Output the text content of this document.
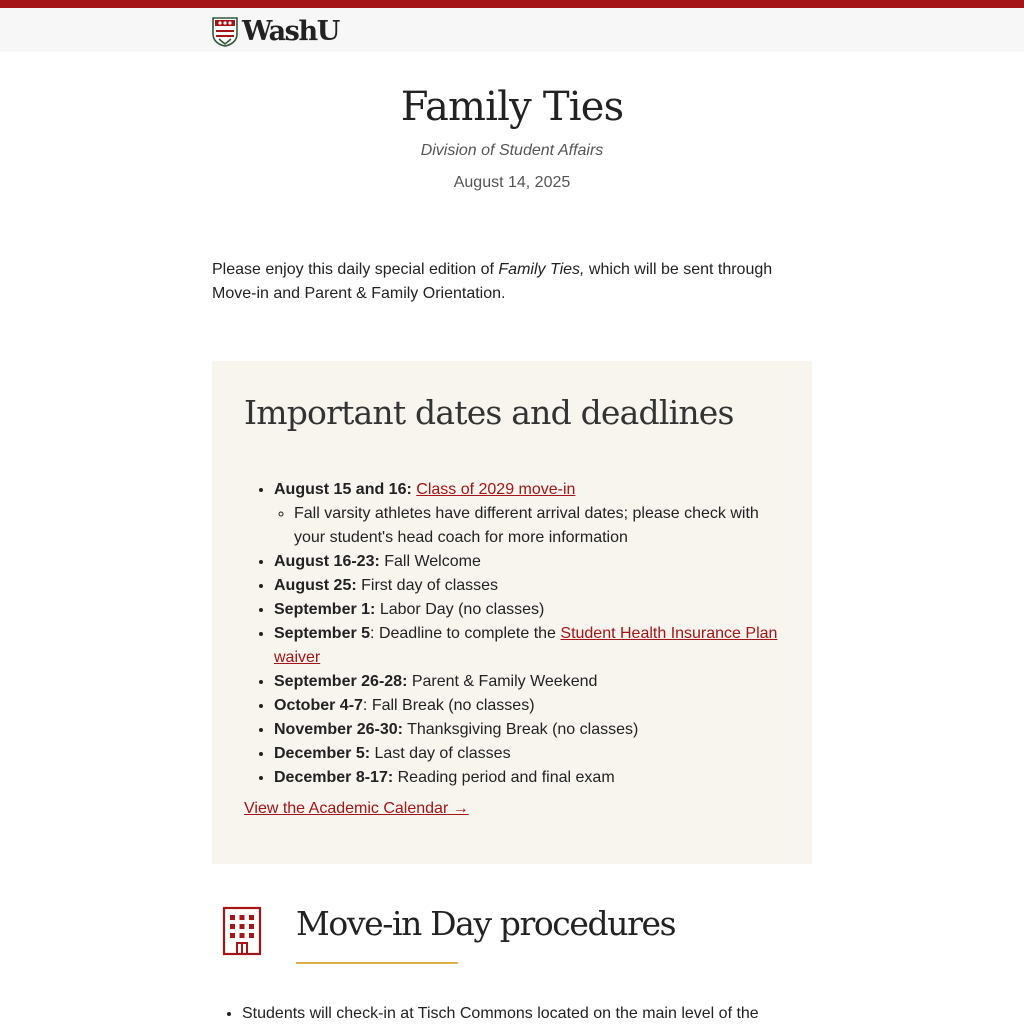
WashU
Family Ties
Division of Student Affairs
August 14, 2025

Please enjoy this daily special edition of Family Ties, which will be sent through Move-in and Parent & Family Orientation.

Important dates and deadlines
• August 15 and 16: Class of 2029 move-in
◦ Fall varsity athletes have different arrival dates; please check with your student's head coach for more information
• August 16-23: Fall Welcome
• August 25: First day of classes
• September 1: Labor Day (no classes)
• September 5: Deadline to complete the Student Health Insurance Plan waiver
• September 26-28: Parent & Family Weekend
• October 4-7: Fall Break (no classes)
• November 26-30: Thanksgiving Break (no classes)
• December 5: Last day of classes
• December 8-17: Reading period and final exam
View the Academic Calendar →
Move-in Day procedures
• Students will check-in at Tisch Commons located on the main level of the
